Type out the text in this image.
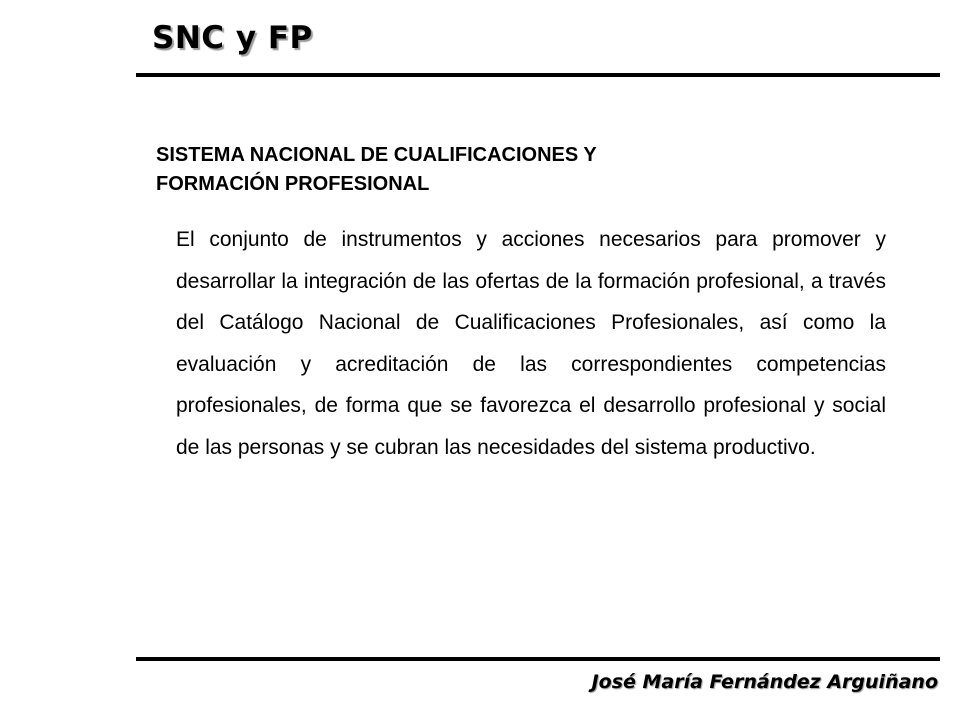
SNC y FP
SISTEMA NACIONAL DE CUALIFICACIONES Y
FORMACIÓN PROFESIONAL

El conjunto de instrumentos y acciones necesarios para promover y desarrollar la integración de las ofertas de la formación profesional, a través del Catálogo Nacional de Cualificaciones Profesionales, así como la evaluación y acreditación de las correspondientes competencias profesionales, de forma que se favorezca el desarrollo profesional y social de las personas y se cubran las necesidades del sistema productivo.

José María Fernández Arguiñano
